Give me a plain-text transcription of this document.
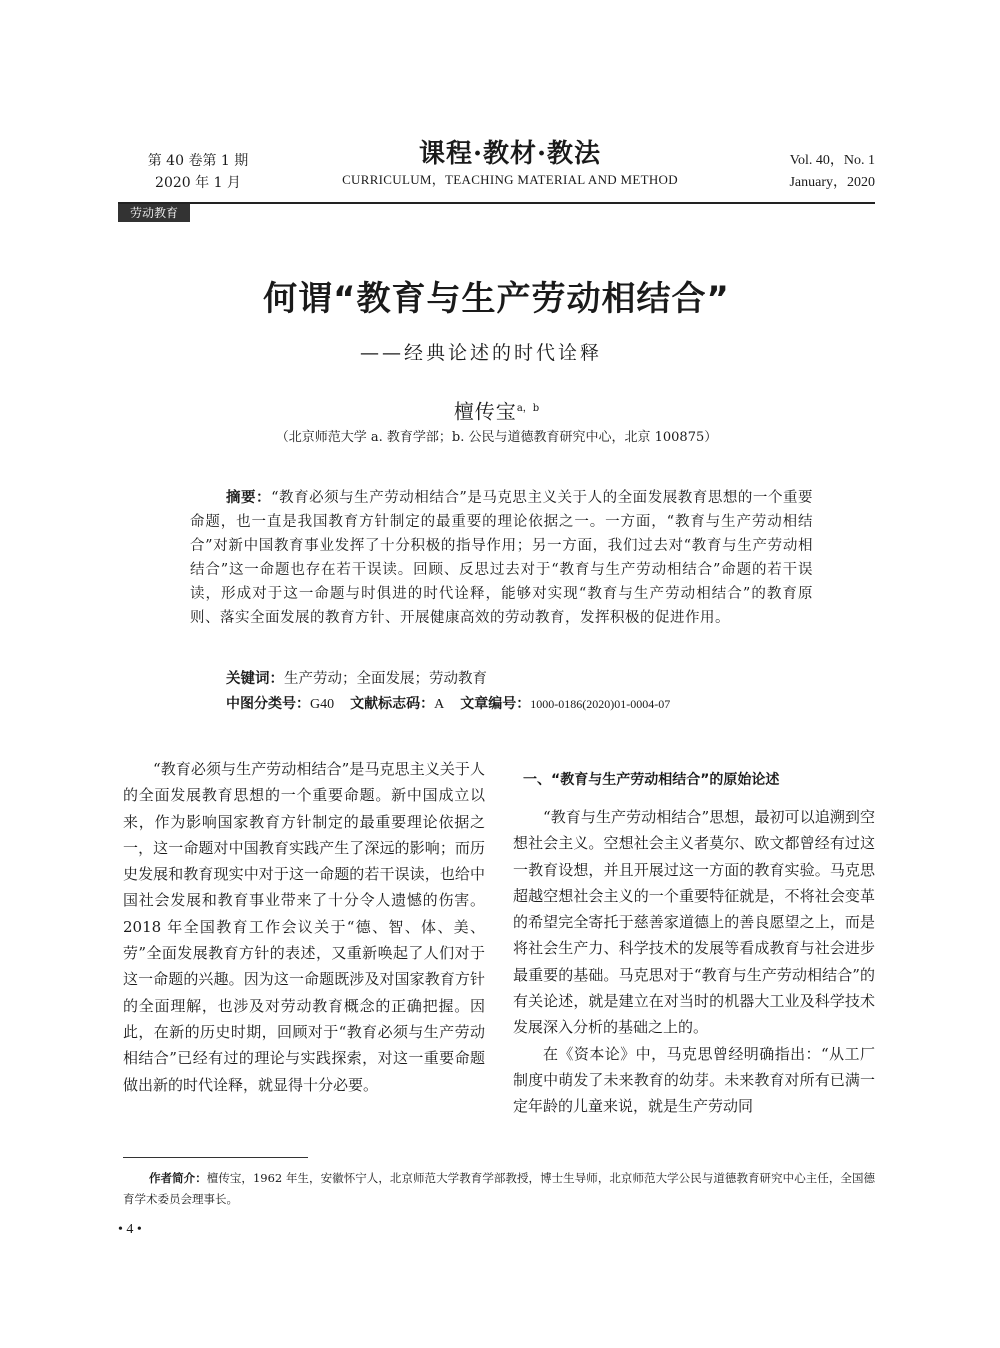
第 40 卷第 1 期
2020 年 1 月
课程·教材·教法
CURRICULUM，TEACHING MATERIAL AND METHOD
Vol. 40，No. 1
January，2020
劳动教育
何谓“教育与生产劳动相结合”
——经典论述的时代诠释
檀传宝$^{a,b}$
（北京师范大学 a. 教育学部；b. 公民与道德教育研究中心，北京 100875）
摘要：“教育必须与生产劳动相结合”是马克思主义关于人的全面发展教育思想的一个重要命题，也一直是我国教育方针制定的最重要的理论依据之一。一方面，“教育与生产劳动相结合”对新中国教育事业发挥了十分积极的指导作用；另一方面，我们过去对“教育与生产劳动相结合”这一命题也存在若干误读。回顾、反思过去对于“教育与生产劳动相结合”命题的若干误读，形成对于这一命题与时俱进的时代诠释，能够对实现“教育与生产劳动相结合”的教育原则、落实全面发展的教育方针、开展健康高效的劳动教育，发挥积极的促进作用。
关键词：生产劳动；全面发展；劳动教育
中图分类号：G40 文献标志码：A 文章编号：1000-0186(2020)01-0004-07

“教育必须与生产劳动相结合”是马克思主义关于人的全面发展教育思想的一个重要命题。新中国成立以来，作为影响国家教育方针制定的最重要理论依据之一，这一命题对中国教育实践产生了深远的影响；而历史发展和教育现实中对于这一命题的若干误读，也给中国社会发展和教育事业带来了十分令人遗憾的伤害。2018 年全国教育工作会议关于“德、智、体、美、劳”全面发展教育方针的表述，又重新唤起了人们对于这一命题的兴趣。因为这一命题既涉及对国家教育方针的全面理解，也涉及对劳动教育概念的正确把握。因此，在新的历史时期，回顾对于“教育必须与生产劳动相结合”已经有过的理论与实践探索，对这一重要命题做出新的时代诠释，就显得十分必要。

一、“教育与生产劳动相结合”的原始论述

“教育与生产劳动相结合”思想，最初可以追溯到空想社会主义。空想社会主义者莫尔、欧文都曾经有过这一教育设想，并且开展过这一方面的教育实验。马克思超越空想社会主义的一个重要特征就是，不将社会变革的希望完全寄托于慈善家道德上的善良愿望之上，而是将社会生产力、科学技术的发展等看成教育与社会进步最重要的基础。马克思对于“教育与生产劳动相结合”的有关论述，就是建立在对当时的机器大工业及科学技术发展深入分析的基础之上的。

在《资本论》中，马克思曾经明确指出：“从工厂制度中萌发了未来教育的幼芽。未来教育对所有已满一定年龄的儿童来说，就是生产劳动同

作者简介：檀传宝，1962 年生，安徽怀宁人，北京师范大学教育学部教授，博士生导师，北京师范大学公民与道德教育研究中心主任，全国德育学术委员会理事长。
• 4 •
